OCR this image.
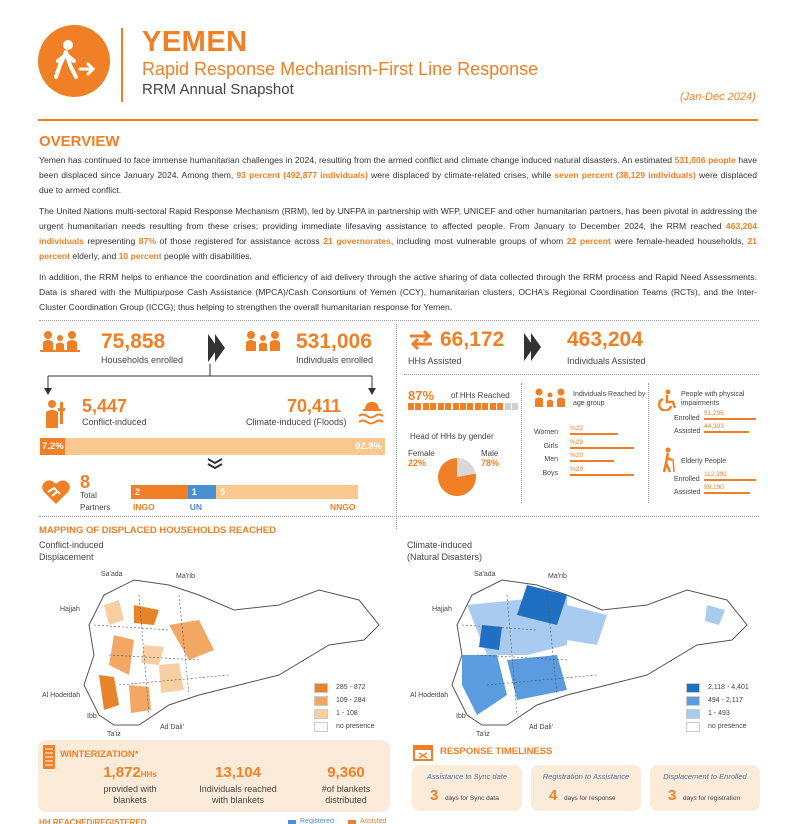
YEMEN
Rapid Response Mechanism-First Line Response
RRM Annual Snapshot	(Jan-Dec 2024)
OVERVIEW
Yemen has continued to face immense humanitarian challenges in 2024, resulting from the armed conflict and climate change induced natural disasters. An estimated 531,006 people have been displaced since January 2024. Among them, 93 percent (492,877 individuals) were displaced by climate-related crises, while seven percent (38,129 individuals) were displaced due to armed conflict.
The United Nations multi-sectoral Rapid Response Mechanism (RRM), led by UNFPA in partnership with WFP, UNICEF and other humanitarian partners, has been pivotal in addressing the urgent humanitarian needs resulting from these crises; providing immediate lifesaving assistance to affected people. From January to December 2024, the RRM reached 463,204 individuals representing 87% of those registered for assistance across 21 governorates, including most vulnerable groups of whom 22 percent were female-headed households, 21 percent elderly, and 10 percent people with disabilities.
In addition, the RRM helps to enhance the coordination and efficiency of aid delivery through the active sharing of data collected through the RRM process and Rapid Need Assessments. Data is shared with the Multipurpose Cash Assistance (MPCA)/Cash Consortium of Yemen (CCY), humanitarian clusters, OCHA's Regional Coordination Teams (RCTs), and the Inter-Cluster Coordination Group (ICCG); thus helping to strengthen the overall humanitarian response for Yemen.
75,858
Households enrolled
531,006
Individuals enrolled
5,447
Conflict-induced
70,411
Climate-induced (Floods)
7.2%	92.8%
8
Total
Partners
2
INGO
1
UN
5
NNGO
66,172
HHs Assisted
463,204
Individuals Assisted
87% of HHs Reached
Head of HHs by gender
Female
22%
Male
78%
Individuals Reached by age group
Women
%22
Girls
%29
Men
%20
Boys
%29
People with physical impairments
Enrolled
51,296
Assisted
44,303
Elderly People
Enrolled
112,392
Assisted
99,190
MAPPING OF DISPLACED HOUSEHOLDS REACHED
Conflict-induced
Displacement
Climate-induced
(Natural Disasters)
Sa'ada	Ma'rib
Hajjah
Al Hodeidah
Ibb
Ad Dali'
Ta'iz
285 - 872
109 - 284
1 - 108
no presence
Sa'ada	Ma'rib
Hajjah
Al Hodeidah
Ibb
Ad Dali'
Ta'iz
2,118 - 4,401
494 - 2,117
1 - 493
no presence
WINTERIZATION*
1,872HHs
provided with
blankets
13,104
Individuals reached
with blankets
9,360
#of blankets
distributed
RESPONSE TIMELINESS
Assistance to Sync date
3 days for Sync data
Registration to Assistance
4 days for response
Displacement to Enrolled
3 days for registration
HH REACHED/REGISTERED	Registered	Assisted
